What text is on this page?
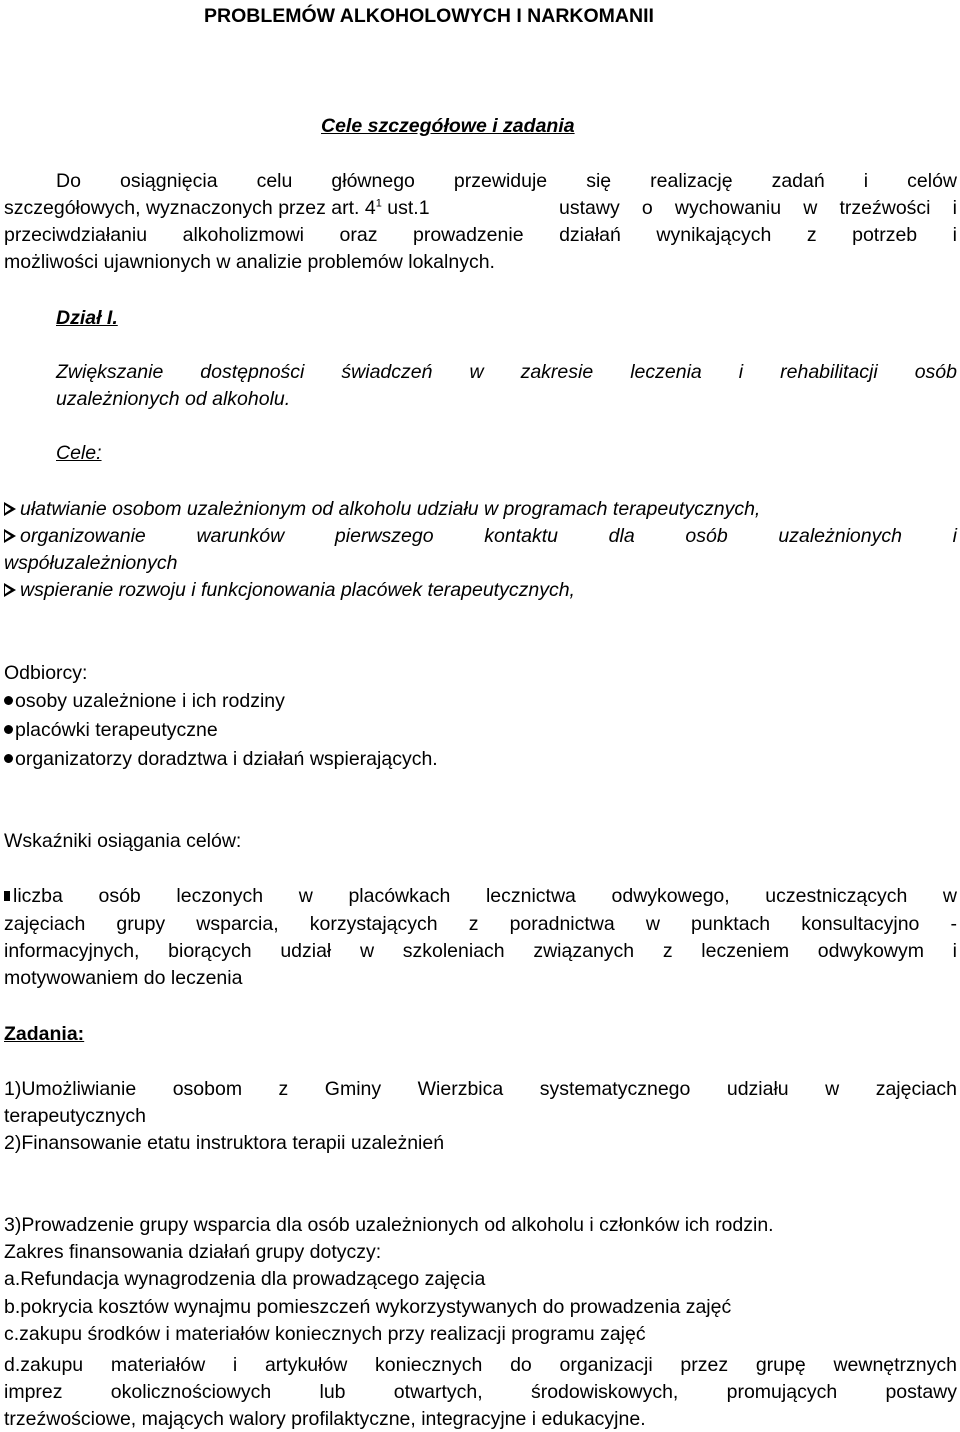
PROBLEMÓW ALKOHOLOWYCH I NARKOMANII
Cele szczegółowe i zadania
Do osiągnięcia celu głównego przewiduje się realizację zadań i celów
szczegółowych, wyznaczonych przez art. $4^1$ ust.1	ustawy o wychowaniu w trzeźwości i
przeciwdziałaniu alkoholizmowi oraz prowadzenie działań wynikających z potrzeb i
możliwości ujawnionych w analizie problemów lokalnych.
Dział I.
Zwiększanie dostępności świadczeń w zakresie leczenia i rehabilitacji osób
uzależnionych od alkoholu.
Cele:
ułatwianie osobom uzależnionym od alkoholu udziału w programach terapeutycznych,
organizowanie warunków pierwszego kontaktu dla osób uzależnionych i
współuzależnionych
wspieranie rozwoju i funkcjonowania placówek terapeutycznych,
Odbiorcy:
osoby uzależnione i ich rodziny
placówki terapeutyczne
organizatorzy doradztwa i działań wspierających.
Wskaźniki osiągania celów:
liczba osób leczonych w placówkach lecznictwa odwykowego, uczestniczących w
zajęciach grupy wsparcia, korzystających z poradnictwa w punktach konsultacyjno -
informacyjnych, biorących udział w szkoleniach związanych z leczeniem odwykowym i
motywowaniem do leczenia
Zadania:
1)Umożliwianie osobom z Gminy Wierzbica systematycznego udziału w zajęciach
terapeutycznych
2)Finansowanie etatu instruktora terapii uzależnień
3)Prowadzenie grupy wsparcia dla osób uzależnionych od alkoholu i członków ich rodzin.
Zakres finansowania działań grupy dotyczy:
a.Refundacja wynagrodzenia dla prowadzącego zajęcia
b.pokrycia kosztów wynajmu pomieszczeń wykorzystywanych do prowadzenia zajęć
c.zakupu środków i materiałów koniecznych przy realizacji programu zajęć
d.zakupu materiałów i artykułów koniecznych do organizacji przez grupę wewnętrznych
imprez okolicznościowych lub otwartych, środowiskowych, promujących postawy
trzeźwościowe, mających walory profilaktyczne, integracyjne i edukacyjne.
